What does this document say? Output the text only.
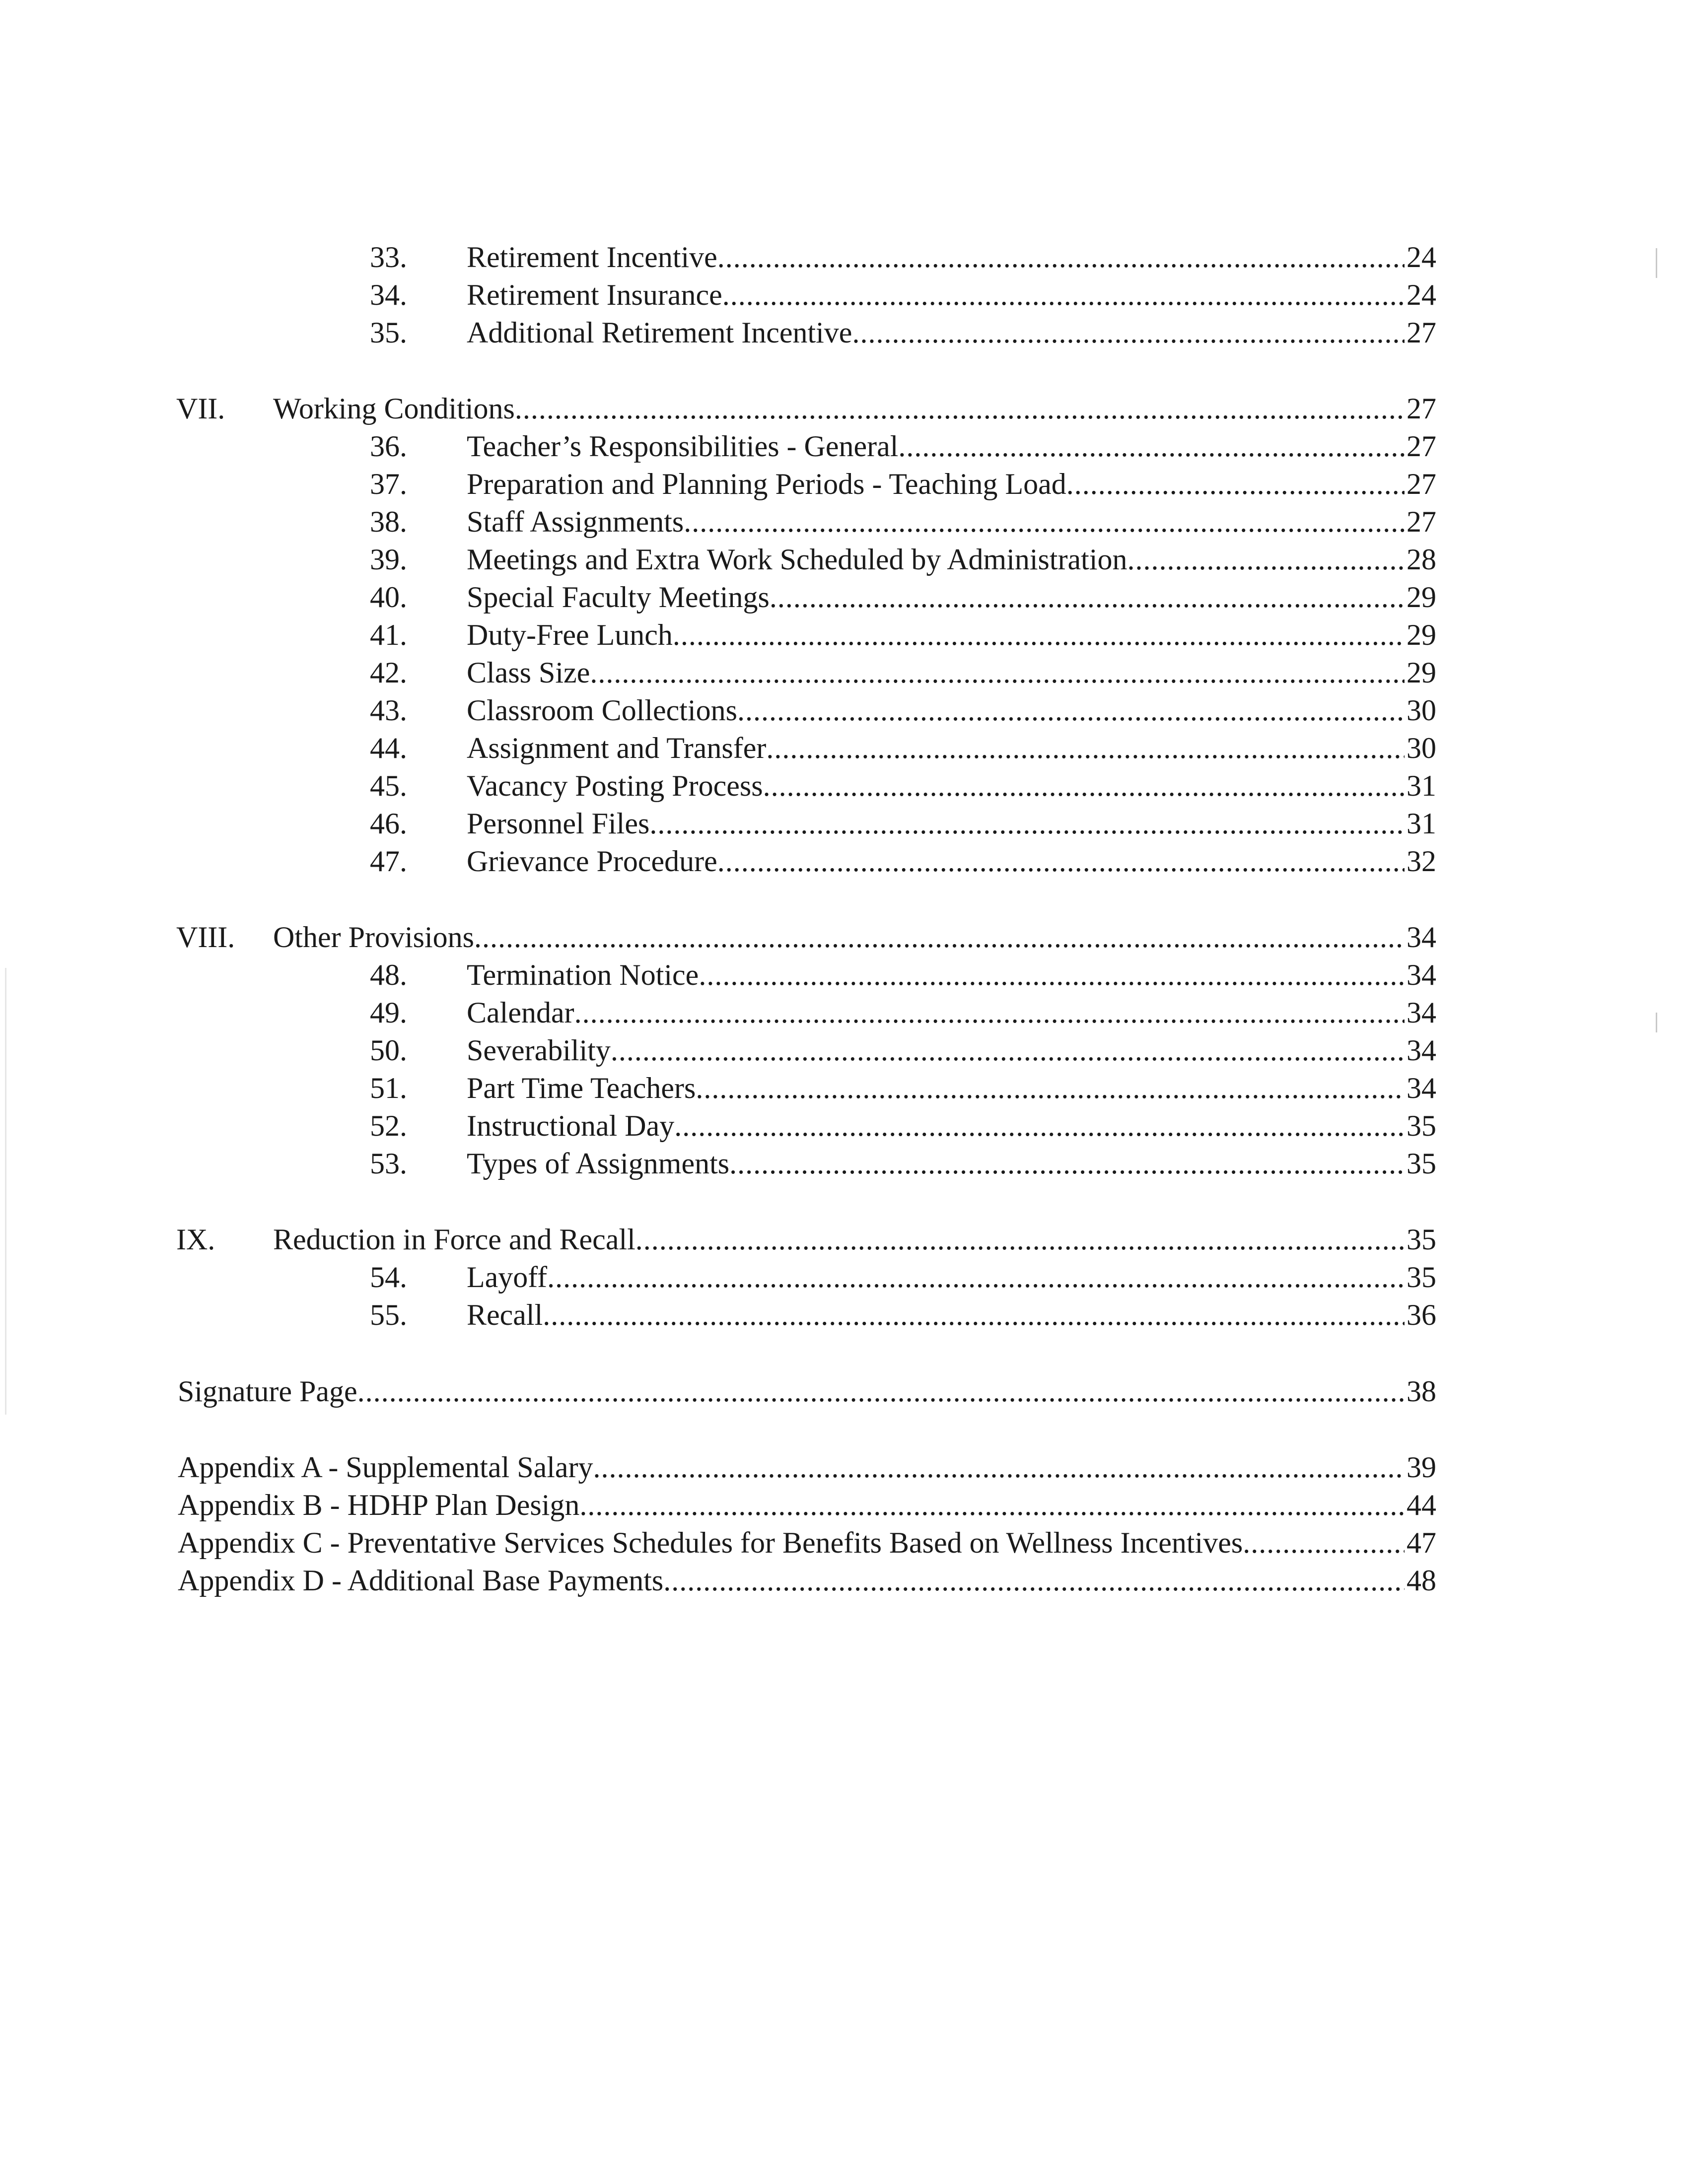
33. Retirement Incentive . . .	24
34. Retirement Insurance . . .	24
35. Additional Retirement Incentive . . .	27
VII. Working Conditions . . .	27
36. Teacher’s Responsibilities - General . . .	27
37. Preparation and Planning Periods - Teaching Load . . .	27
38. Staff Assignments . . .	27
39. Meetings and Extra Work Scheduled by Administration . . .	28
40. Special Faculty Meetings . . .	29
41. Duty-Free Lunch . . .	29
42. Class Size . . .	29
43. Classroom Collections . . .	30
44. Assignment and Transfer . . .	30
45. Vacancy Posting Process . . .	31
46. Personnel Files . . .	31
47. Grievance Procedure . . .	32
VIII. Other Provisions . . .	34
48. Termination Notice . . .	34
49. Calendar . . .	34
50. Severability . . .	34
51. Part Time Teachers . . .	34
52. Instructional Day . . .	35
53. Types of Assignments . . .	35
IX. Reduction in Force and Recall . . .	35
54. Layoff . . .	35
55. Recall . . .	36
Signature Page . . .	38
Appendix A - Supplemental Salary . . .	39
Appendix B - HDHP Plan Design . . .	44
Appendix C - Preventative Services Schedules for Benefits Based on Wellness Incentives . . .	47
Appendix D - Additional Base Payments . . .	48
